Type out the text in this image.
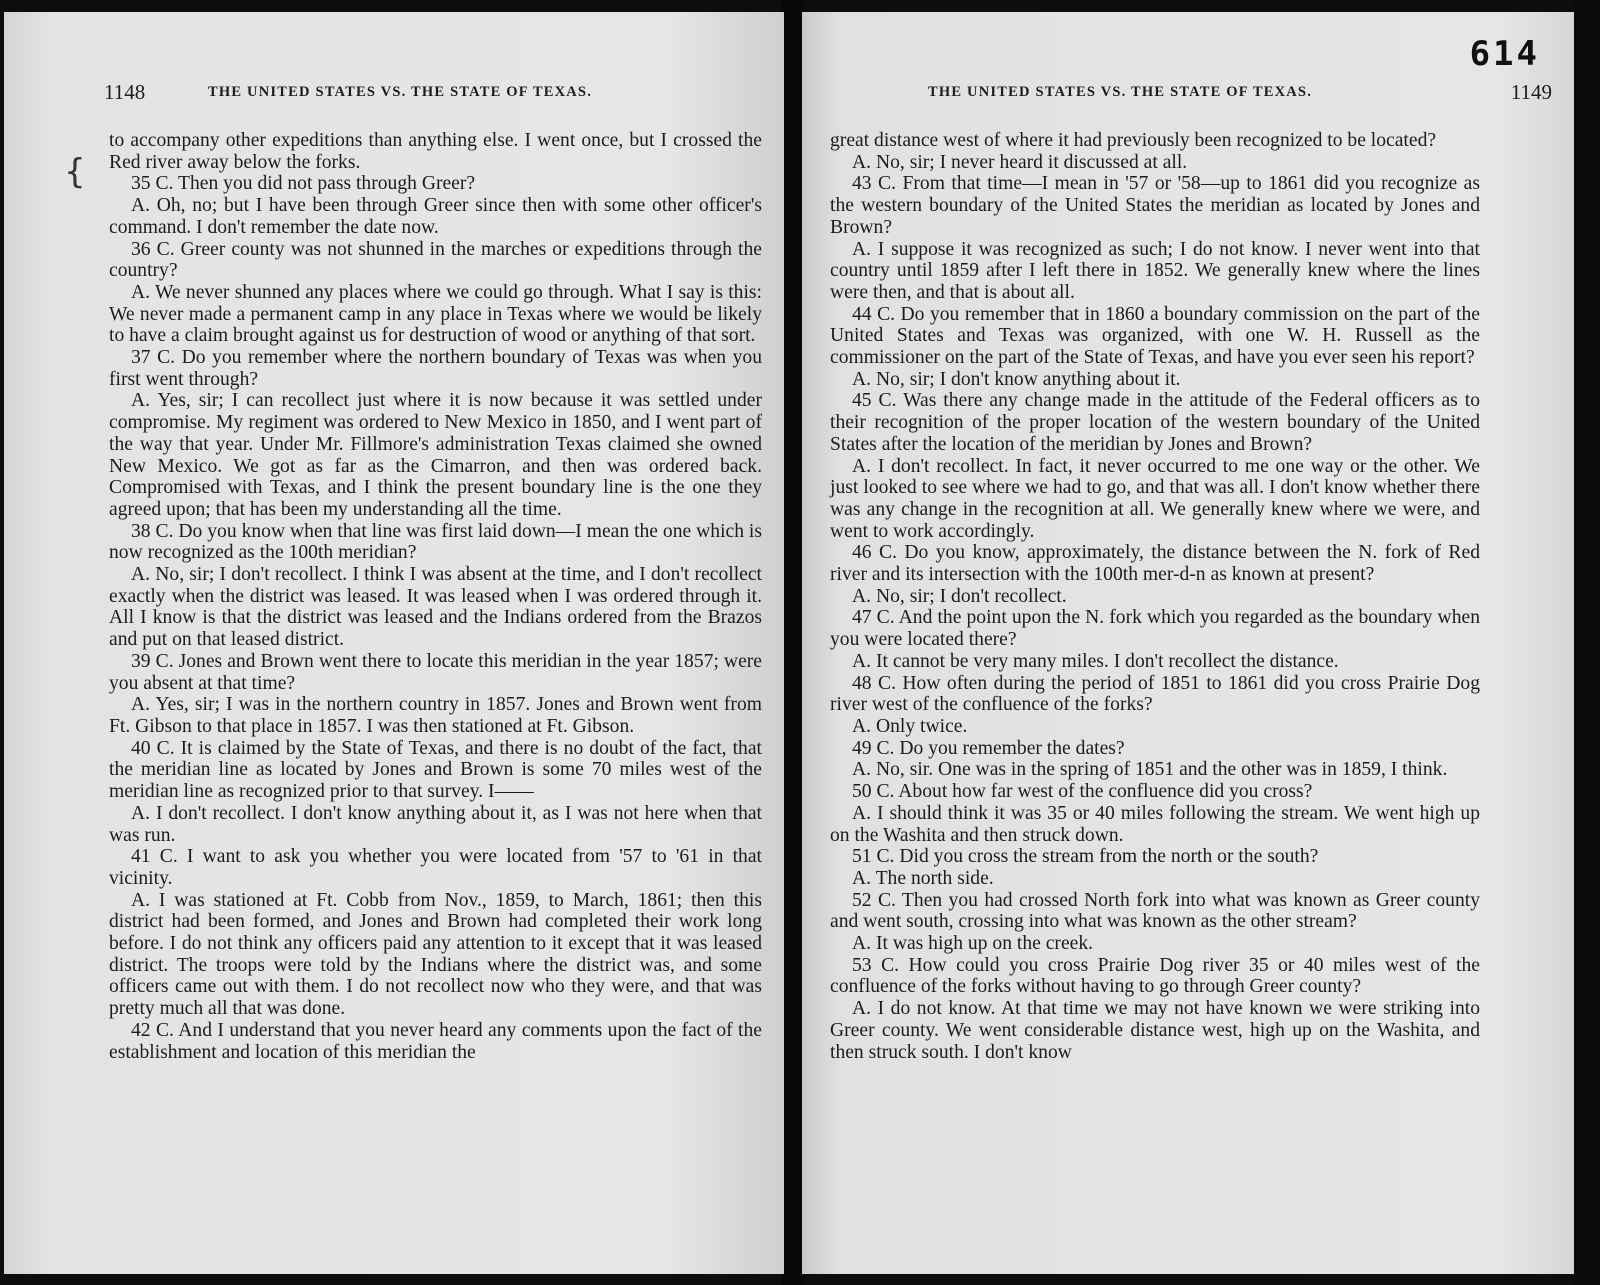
1148	THE UNITED STATES VS. THE STATE OF TEXAS.
{

to accompany other expeditions than anything else. I went once, but I crossed the Red river away below the forks.

35 C. Then you did not pass through Greer?

A. Oh, no; but I have been through Greer since then with some other officer's command. I don't remember the date now.

36 C. Greer county was not shunned in the marches or expeditions through the country?

A. We never shunned any places where we could go through. What I say is this: We never made a permanent camp in any place in Texas where we would be likely to have a claim brought against us for destruction of wood or anything of that sort.

37 C. Do you remember where the northern boundary of Texas was when you first went through?

A. Yes, sir; I can recollect just where it is now because it was settled under compromise. My regiment was ordered to New Mexico in 1850, and I went part of the way that year. Under Mr. Fillmore's administration Texas claimed she owned New Mexico. We got as far as the Cimarron, and then was ordered back. Compromised with Texas, and I think the present boundary line is the one they agreed upon; that has been my understanding all the time.

38 C. Do you know when that line was first laid down—I mean the one which is now recognized as the 100th meridian?

A. No, sir; I don't recollect. I think I was absent at the time, and I don't recollect exactly when the district was leased. It was leased when I was ordered through it. All I know is that the district was leased and the Indians ordered from the Brazos and put on that leased district.

39 C. Jones and Brown went there to locate this meridian in the year 1857; were you absent at that time?

A. Yes, sir; I was in the northern country in 1857. Jones and Brown went from Ft. Gibson to that place in 1857. I was then stationed at Ft. Gibson.

40 C. It is claimed by the State of Texas, and there is no doubt of the fact, that the meridian line as located by Jones and Brown is some 70 miles west of the meridian line as recognized prior to that survey. I——

A. I don't recollect. I don't know anything about it, as I was not here when that was run.

41 C. I want to ask you whether you were located from '57 to '61 in that vicinity.

A. I was stationed at Ft. Cobb from Nov., 1859, to March, 1861; then this district had been formed, and Jones and Brown had completed their work long before. I do not think any officers paid any attention to it except that it was leased district. The troops were told by the Indians where the district was, and some officers came out with them. I do not recollect now who they were, and that was pretty much all that was done.

42 C. And I understand that you never heard any comments upon the fact of the establishment and location of this meridian the

614
THE UNITED STATES VS. THE STATE OF TEXAS.	1149

great distance west of where it had previously been recognized to be located?

A. No, sir; I never heard it discussed at all.

43 C. From that time—I mean in '57 or '58—up to 1861 did you recognize as the western boundary of the United States the meridian as located by Jones and Brown?

A. I suppose it was recognized as such; I do not know. I never went into that country until 1859 after I left there in 1852. We generally knew where the lines were then, and that is about all.

44 C. Do you remember that in 1860 a boundary commission on the part of the United States and Texas was organized, with one W. H. Russell as the commissioner on the part of the State of Texas, and have you ever seen his report?

A. No, sir; I don't know anything about it.

45 C. Was there any change made in the attitude of the Federal officers as to their recognition of the proper location of the western boundary of the United States after the location of the meridian by Jones and Brown?

A. I don't recollect. In fact, it never occurred to me one way or the other. We just looked to see where we had to go, and that was all. I don't know whether there was any change in the recognition at all. We generally knew where we were, and went to work accordingly.

46 C. Do you know, approximately, the distance between the N. fork of Red river and its intersection with the 100th mer-d-n as known at present?

A. No, sir; I don't recollect.

47 C. And the point upon the N. fork which you regarded as the boundary when you were located there?

A. It cannot be very many miles. I don't recollect the distance.

48 C. How often during the period of 1851 to 1861 did you cross Prairie Dog river west of the confluence of the forks?

A. Only twice.

49 C. Do you remember the dates?

A. No, sir. One was in the spring of 1851 and the other was in 1859, I think.

50 C. About how far west of the confluence did you cross?

A. I should think it was 35 or 40 miles following the stream. We went high up on the Washita and then struck down.

51 C. Did you cross the stream from the north or the south?

A. The north side.

52 C. Then you had crossed North fork into what was known as Greer county and went south, crossing into what was known as the other stream?

A. It was high up on the creek.

53 C. How could you cross Prairie Dog river 35 or 40 miles west of the confluence of the forks without having to go through Greer county?

A. I do not know. At that time we may not have known we were striking into Greer county. We went considerable distance west, high up on the Washita, and then struck south. I don't know
